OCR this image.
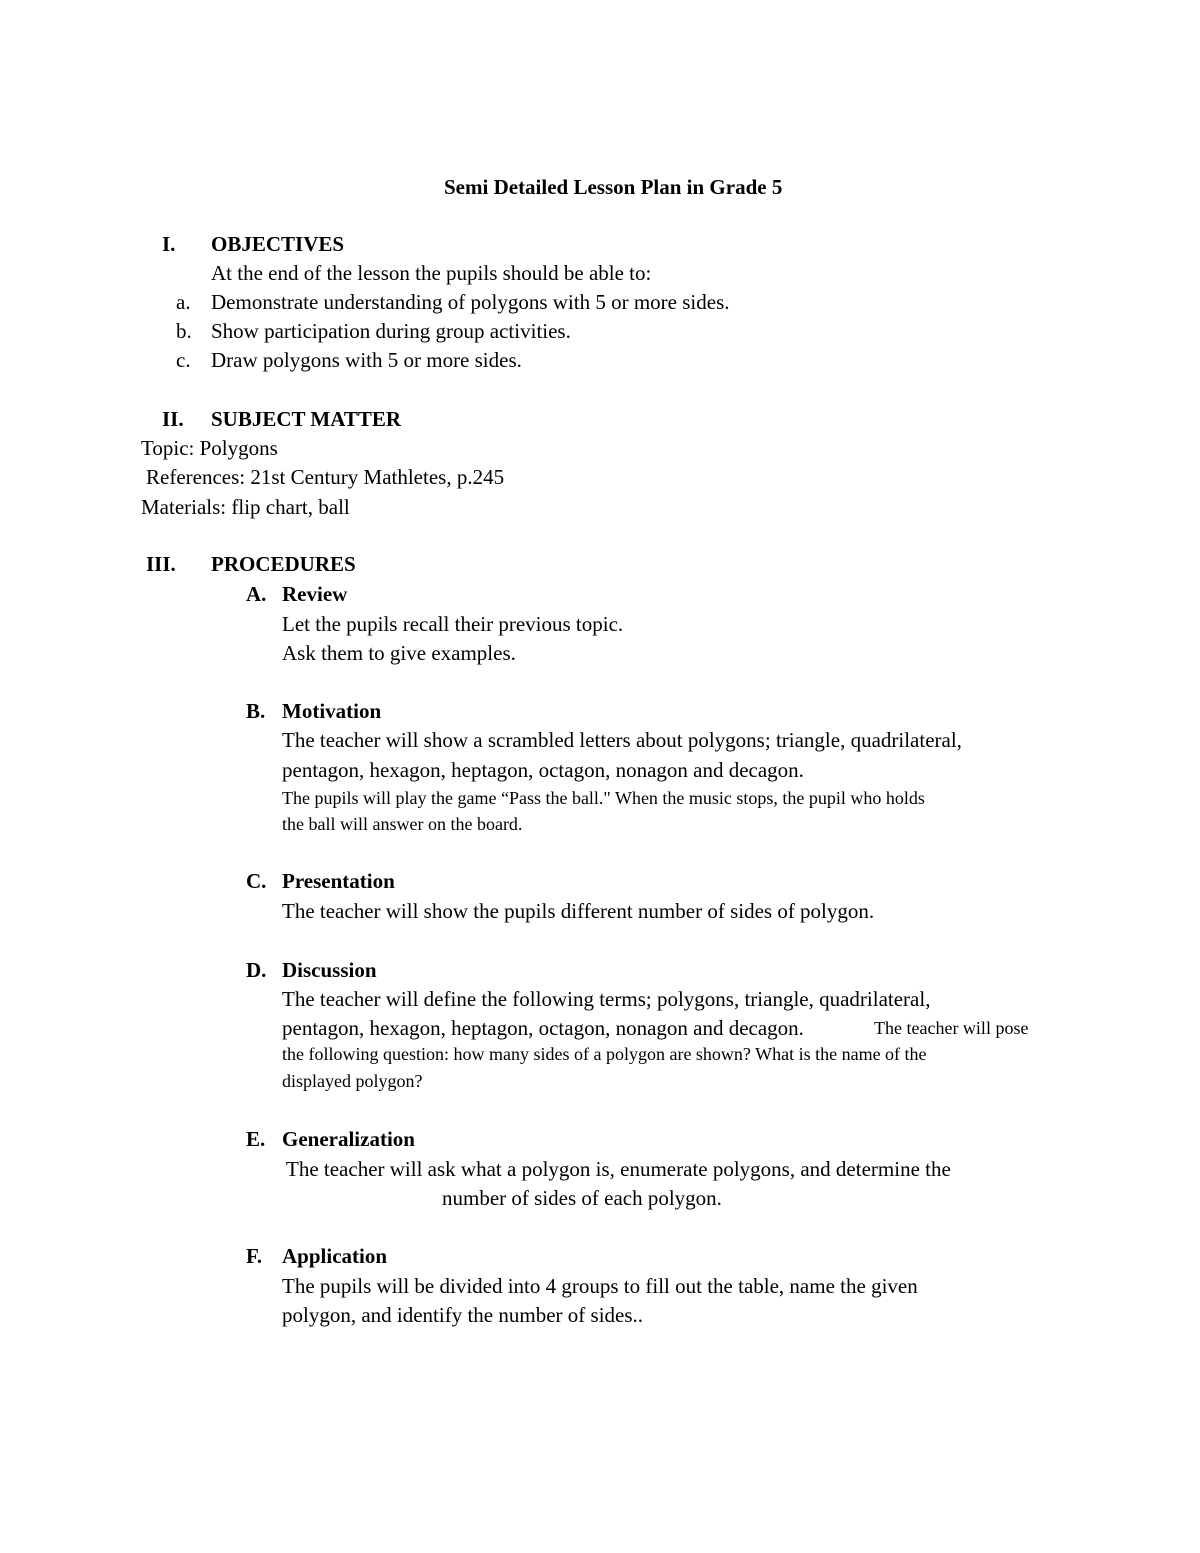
Semi Detailed Lesson Plan in Grade 5
I. OBJECTIVES
At the end of the lesson the pupils should be able to:
a. Demonstrate understanding of polygons with 5 or more sides.
b. Show participation during group activities.
c. Draw polygons with 5 or more sides.
II. SUBJECT MATTER
Topic: Polygons
References: 21st Century Mathletes, p.245
Materials: flip chart, ball
III. PROCEDURES
A. Review
Let the pupils recall their previous topic.
Ask them to give examples.
B. Motivation
The teacher will show a scrambled letters about polygons; triangle, quadrilateral,
pentagon, hexagon, heptagon, octagon, nonagon and decagon.
The pupils will play the game “Pass the ball." When the music stops, the pupil who holds
the ball will answer on the board.
C. Presentation
The teacher will show the pupils different number of sides of polygon.
D. Discussion
The teacher will define the following terms; polygons, triangle, quadrilateral,
pentagon, hexagon, heptagon, octagon, nonagon and decagon.	The teacher will pose
the following question: how many sides of a polygon are shown? What is the name of the
displayed polygon?
E. Generalization
The teacher will ask what a polygon is, enumerate polygons, and determine the
number of sides of each polygon.
F. Application
The pupils will be divided into 4 groups to fill out the table, name the given
polygon, and identify the number of sides..
